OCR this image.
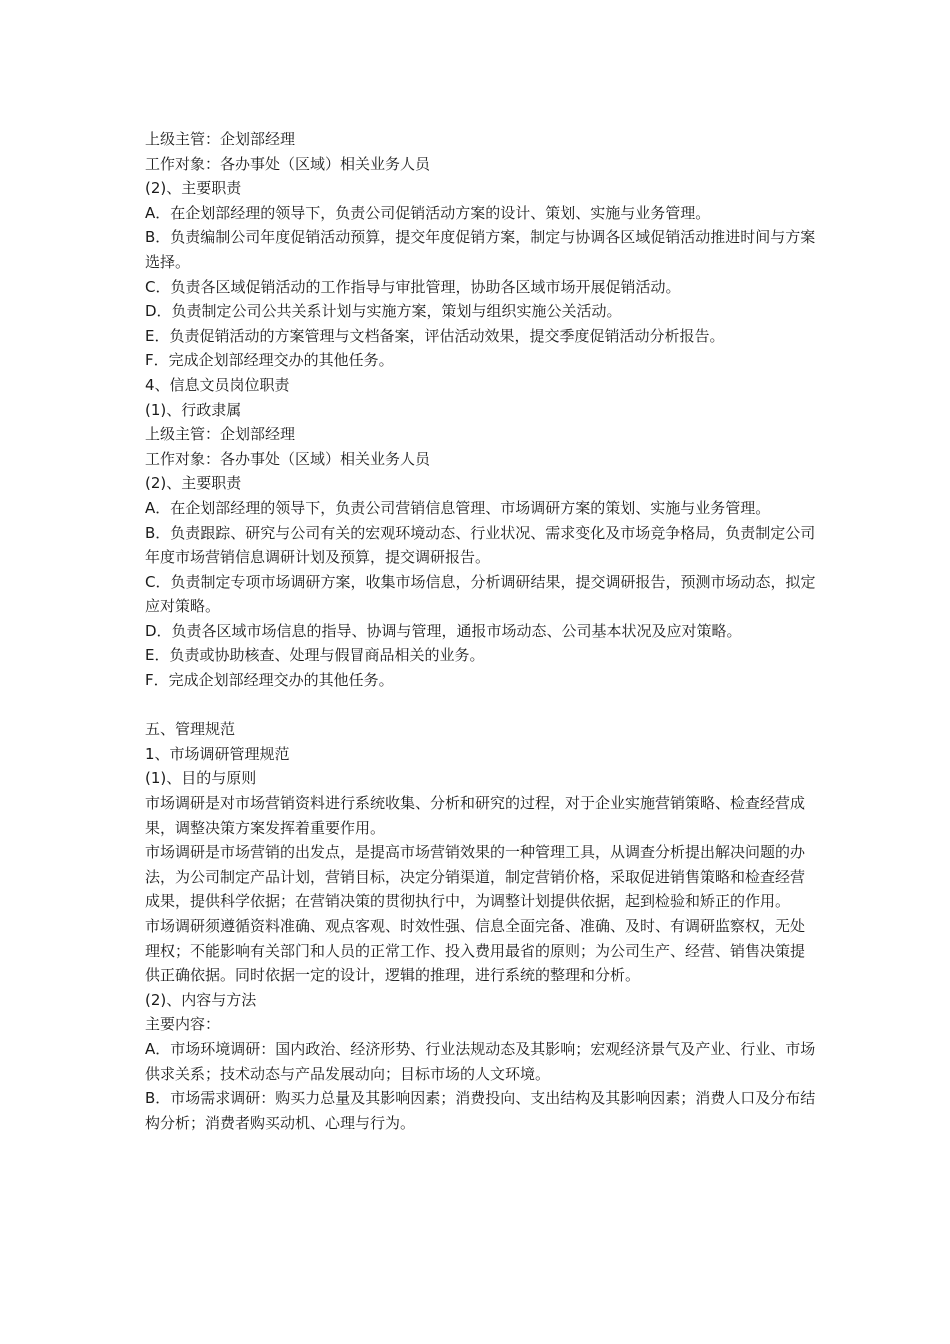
上级主管：企划部经理

工作对象：各办事处（区域）相关业务人员

(2)、主要职责

A．在企划部经理的领导下，负责公司促销活动方案的设计、策划、实施与业务管理。

B．负责编制公司年度促销活动预算，提交年度促销方案，制定与协调各区域促销活动推进时间与方案选择。

C．负责各区域促销活动的工作指导与审批管理，协助各区域市场开展促销活动。

D．负责制定公司公共关系计划与实施方案，策划与组织实施公关活动。

E．负责促销活动的方案管理与文档备案，评估活动效果，提交季度促销活动分析报告。

F．完成企划部经理交办的其他任务。

4、信息文员岗位职责

(1)、行政隶属

上级主管：企划部经理

工作对象：各办事处（区域）相关业务人员

(2)、主要职责

A．在企划部经理的领导下，负责公司营销信息管理、市场调研方案的策划、实施与业务管理。

B．负责跟踪、研究与公司有关的宏观环境动态、行业状况、需求变化及市场竞争格局，负责制定公司年度市场营销信息调研计划及预算，提交调研报告。

C．负责制定专项市场调研方案，收集市场信息，分析调研结果，提交调研报告，预测市场动态，拟定应对策略。

D．负责各区域市场信息的指导、协调与管理，通报市场动态、公司基本状况及应对策略。

E．负责或协助核查、处理与假冒商品相关的业务。

F．完成企划部经理交办的其他任务。

五、管理规范

1、市场调研管理规范

(1)、目的与原则

市场调研是对市场营销资料进行系统收集、分析和研究的过程，对于企业实施营销策略、检查经营成果，调整决策方案发挥着重要作用。

市场调研是市场营销的出发点，是提高市场营销效果的一种管理工具，从调查分析提出解决问题的办法，为公司制定产品计划，营销目标，决定分销渠道，制定营销价格，采取促进销售策略和检查经营成果，提供科学依据；在营销决策的贯彻执行中，为调整计划提供依据，起到检验和矫正的作用。

市场调研须遵循资料准确、观点客观、时效性强、信息全面完备、准确、及时、有调研监察权，无处理权；不能影响有关部门和人员的正常工作、投入费用最省的原则；为公司生产、经营、销售决策提供正确依据。同时依据一定的设计，逻辑的推理，进行系统的整理和分析。

(2)、内容与方法

主要内容：

A．市场环境调研：国内政治、经济形势、行业法规动态及其影响；宏观经济景气及产业、行业、市场供求关系；技术动态与产品发展动向；目标市场的人文环境。

B．市场需求调研：购买力总量及其影响因素；消费投向、支出结构及其影响因素；消费人口及分布结构分析；消费者购买动机、心理与行为。
